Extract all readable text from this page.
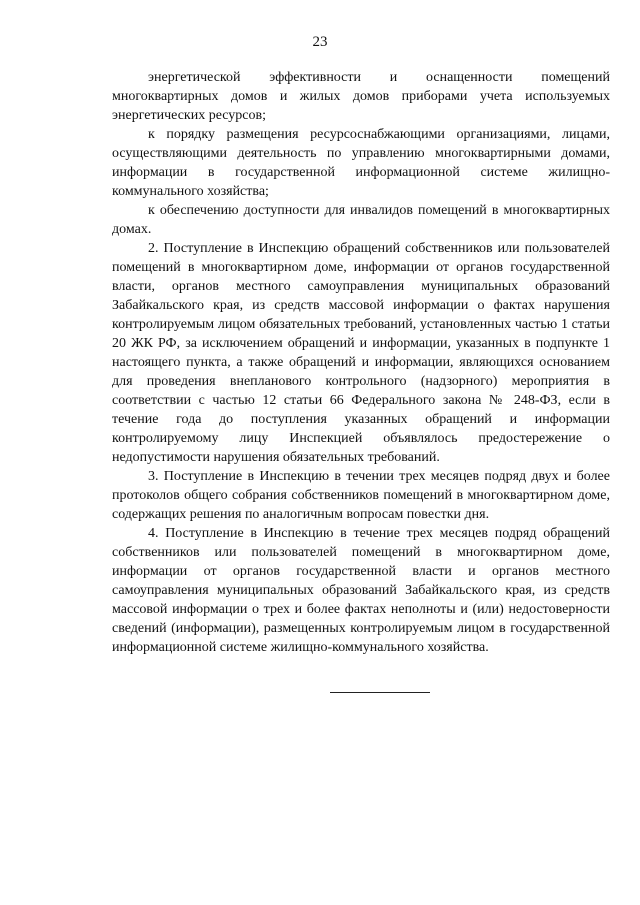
23

энергетической эффективности и оснащенности помещений многоквартирных домов и жилых домов приборами учета используемых энергетических ресурсов;

к порядку размещения ресурсоснабжающими организациями, лицами, осуществляющими деятельность по управлению многоквартирными домами, информации в государственной информационной системе жилищно-коммунального хозяйства;

к обеспечению доступности для инвалидов помещений в многоквартирных домах.

2. Поступление в Инспекцию обращений собственников или пользователей помещений в многоквартирном доме, информации от органов государственной власти, органов местного самоуправления муниципальных образований Забайкальского края, из средств массовой информации о фактах нарушения контролируемым лицом обязательных требований, установленных частью 1 статьи 20 ЖК РФ, за исключением обращений и информации, указанных в подпункте 1 настоящего пункта, а также обращений и информации, являющихся основанием для проведения внепланового контрольного (надзорного) мероприятия в соответствии с частью 12 статьи 66 Федерального закона № 248-ФЗ, если в течение года до поступления указанных обращений и информации контролируемому лицу Инспекцией объявлялось предостережение о недопустимости нарушения обязательных требований.

3. Поступление в Инспекцию в течении трех месяцев подряд двух и более протоколов общего собрания собственников помещений в многоквартирном доме, содержащих решения по аналогичным вопросам повестки дня.

4. Поступление в Инспекцию в течение трех месяцев подряд обращений собственников или пользователей помещений в многоквартирном доме, информации от органов государственной власти и органов местного самоуправления муниципальных образований Забайкальского края, из средств массовой информации о трех и более фактах неполноты и (или) недостоверности сведений (информации), размещенных контролируемым лицом в государственной информационной системе жилищно-коммунального хозяйства.
